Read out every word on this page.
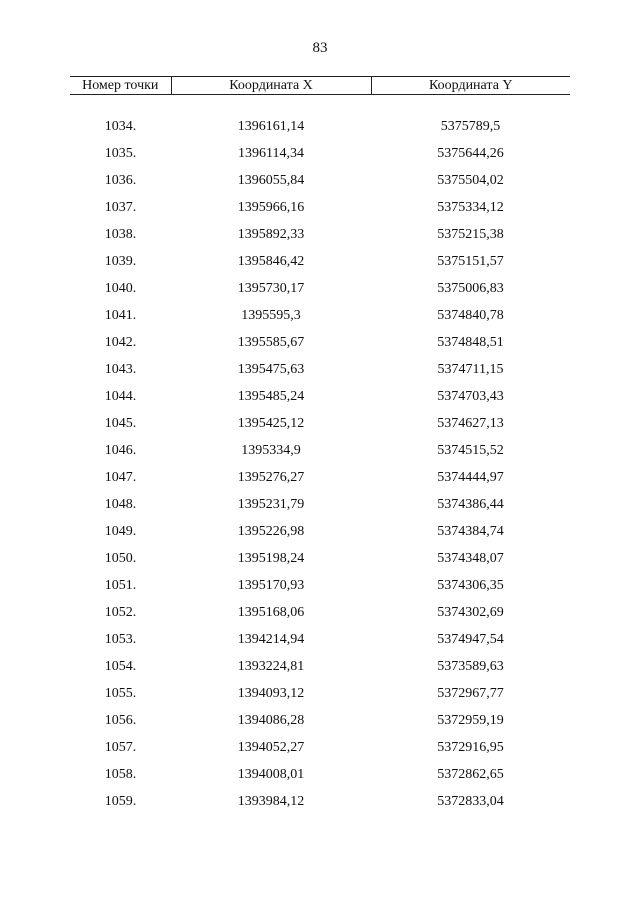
83
Номер точки	Координата X	Координата Y

1034.	1396161,14	5375789,5
1035.	1396114,34	5375644,26
1036.	1396055,84	5375504,02
1037.	1395966,16	5375334,12
1038.	1395892,33	5375215,38
1039.	1395846,42	5375151,57
1040.	1395730,17	5375006,83
1041.	1395595,3	5374840,78
1042.	1395585,67	5374848,51
1043.	1395475,63	5374711,15
1044.	1395485,24	5374703,43
1045.	1395425,12	5374627,13
1046.	1395334,9	5374515,52
1047.	1395276,27	5374444,97
1048.	1395231,79	5374386,44
1049.	1395226,98	5374384,74
1050.	1395198,24	5374348,07
1051.	1395170,93	5374306,35
1052.	1395168,06	5374302,69
1053.	1394214,94	5374947,54
1054.	1393224,81	5373589,63
1055.	1394093,12	5372967,77
1056.	1394086,28	5372959,19
1057.	1394052,27	5372916,95
1058.	1394008,01	5372862,65
1059.	1393984,12	5372833,04
